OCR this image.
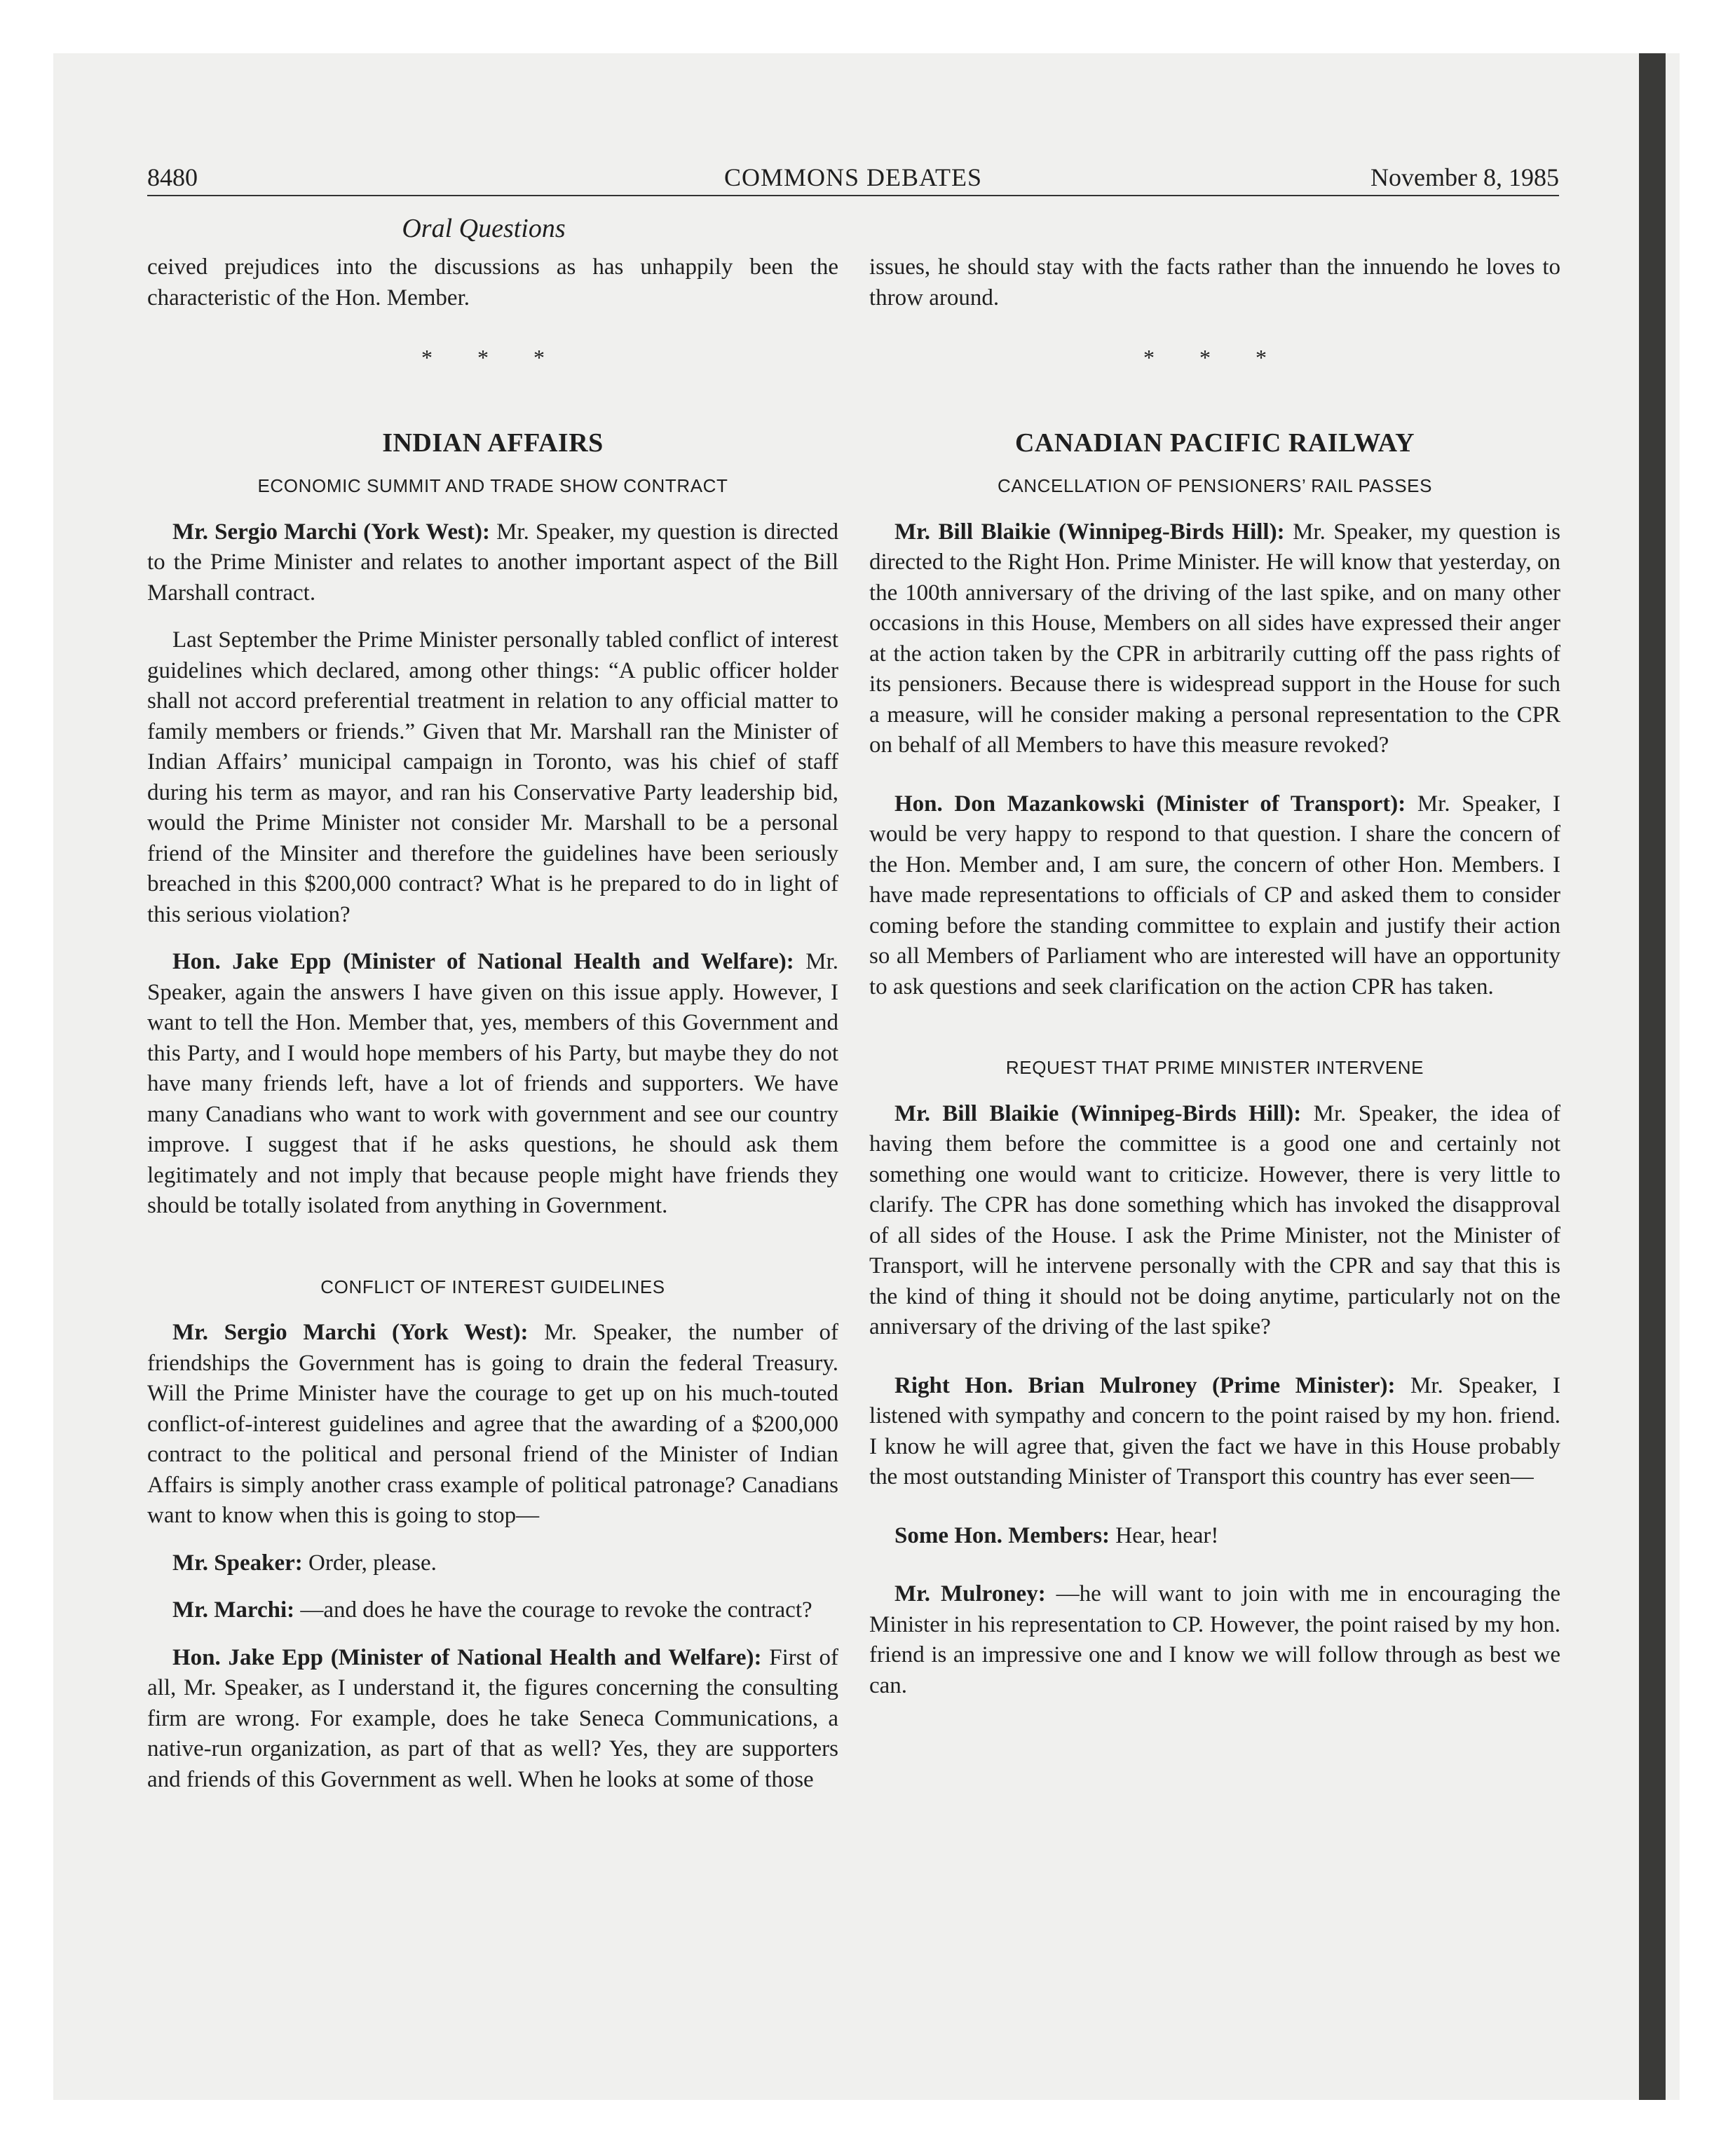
8480	COMMONS DEBATES	November 8, 1985
Oral Questions

ceived prejudices into the discussions as has unhappily been the characteristic of the Hon. Member.

* * *
INDIAN AFFAIRS
ECONOMIC SUMMIT AND TRADE SHOW CONTRACT

Mr. Sergio Marchi (York West): Mr. Speaker, my question is directed to the Prime Minister and relates to another important aspect of the Bill Marshall contract.

Last September the Prime Minister personally tabled conflict of interest guidelines which declared, among other things: “A public officer holder shall not accord preferential treatment in relation to any official matter to family members or friends.” Given that Mr. Marshall ran the Minister of Indian Affairs’ municipal campaign in Toronto, was his chief of staff during his term as mayor, and ran his Conservative Party leadership bid, would the Prime Minister not consider Mr. Marshall to be a personal friend of the Minsiter and therefore the guidelines have been seriously breached in this $200,000 contract? What is he prepared to do in light of this serious violation?

Hon. Jake Epp (Minister of National Health and Welfare): Mr. Speaker, again the answers I have given on this issue apply. However, I want to tell the Hon. Member that, yes, members of this Government and this Party, and I would hope members of his Party, but maybe they do not have many friends left, have a lot of friends and supporters. We have many Canadians who want to work with government and see our country improve. I suggest that if he asks questions, he should ask them legitimately and not imply that because people might have friends they should be totally isolated from anything in Government.

CONFLICT OF INTEREST GUIDELINES

Mr. Sergio Marchi (York West): Mr. Speaker, the number of friendships the Government has is going to drain the federal Treasury. Will the Prime Minister have the courage to get up on his much-touted conflict-of-interest guidelines and agree that the awarding of a $200,000 contract to the political and personal friend of the Minister of Indian Affairs is simply another crass example of political patronage? Canadians want to know when this is going to stop—

Mr. Speaker: Order, please.

Mr. Marchi: —and does he have the courage to revoke the contract?

Hon. Jake Epp (Minister of National Health and Welfare): First of all, Mr. Speaker, as I understand it, the figures concerning the consulting firm are wrong. For example, does he take Seneca Communications, a native-run organization, as part of that as well? Yes, they are supporters and friends of this Government as well. When he looks at some of those

issues, he should stay with the facts rather than the innuendo he loves to throw around.

* * *
CANADIAN PACIFIC RAILWAY
CANCELLATION OF PENSIONERS’ RAIL PASSES

Mr. Bill Blaikie (Winnipeg-Birds Hill): Mr. Speaker, my question is directed to the Right Hon. Prime Minister. He will know that yesterday, on the 100th anniversary of the driving of the last spike, and on many other occasions in this House, Members on all sides have expressed their anger at the action taken by the CPR in arbitrarily cutting off the pass rights of its pensioners. Because there is widespread support in the House for such a measure, will he consider making a personal representation to the CPR on behalf of all Members to have this measure revoked?

Hon. Don Mazankowski (Minister of Transport): Mr. Speaker, I would be very happy to respond to that question. I share the concern of the Hon. Member and, I am sure, the concern of other Hon. Members. I have made representations to officials of CP and asked them to consider coming before the standing committee to explain and justify their action so all Members of Parliament who are interested will have an opportunity to ask questions and seek clarification on the action CPR has taken.

REQUEST THAT PRIME MINISTER INTERVENE

Mr. Bill Blaikie (Winnipeg-Birds Hill): Mr. Speaker, the idea of having them before the committee is a good one and certainly not something one would want to criticize. However, there is very little to clarify. The CPR has done something which has invoked the disapproval of all sides of the House. I ask the Prime Minister, not the Minister of Transport, will he intervene personally with the CPR and say that this is the kind of thing it should not be doing anytime, particularly not on the anniversary of the driving of the last spike?

Right Hon. Brian Mulroney (Prime Minister): Mr. Speaker, I listened with sympathy and concern to the point raised by my hon. friend. I know he will agree that, given the fact we have in this House probably the most outstanding Minister of Transport this country has ever seen—

Some Hon. Members: Hear, hear!

Mr. Mulroney: —he will want to join with me in encouraging the Minister in his representation to CP. However, the point raised by my hon. friend is an impressive one and I know we will follow through as best we can.
